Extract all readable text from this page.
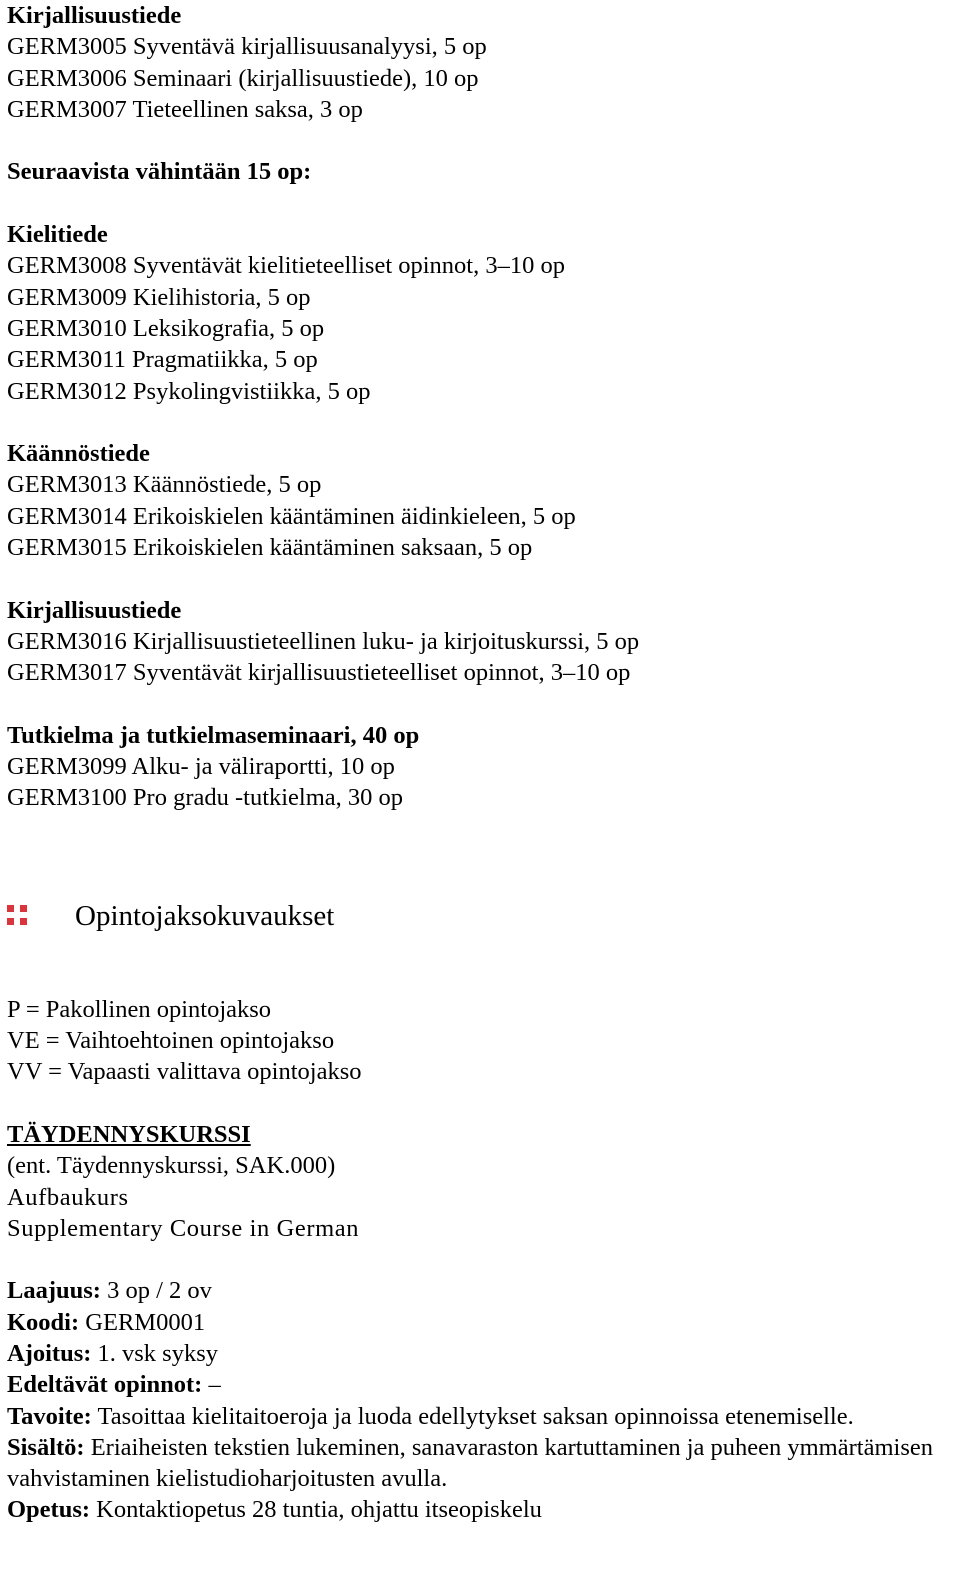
Kirjallisuustiede
GERM3005 Syventävä kirjallisuusanalyysi, 5 op
GERM3006 Seminaari (kirjallisuustiede), 10 op
GERM3007 Tieteellinen saksa, 3 op
Seuraavista vähintään 15 op:
Kielitiede
GERM3008 Syventävät kielitieteelliset opinnot, 3–10 op
GERM3009 Kielihistoria, 5 op
GERM3010 Leksikografia, 5 op
GERM3011 Pragmatiikka, 5 op
GERM3012 Psykolingvistiikka, 5 op
Käännöstiede
GERM3013 Käännöstiede, 5 op
GERM3014 Erikoiskielen kääntäminen äidinkieleen, 5 op
GERM3015 Erikoiskielen kääntäminen saksaan, 5 op
Kirjallisuustiede
GERM3016 Kirjallisuustieteellinen luku- ja kirjoituskurssi, 5 op
GERM3017 Syventävät kirjallisuustieteelliset opinnot, 3–10 op
Tutkielma ja tutkielmaseminaari, 40 op
GERM3099 Alku- ja väliraportti, 10 op
GERM3100 Pro gradu -tutkielma, 30 op
Opintojaksokuvaukset
P = Pakollinen opintojakso
VE = Vaihtoehtoinen opintojakso
VV = Vapaasti valittava opintojakso
TÄYDENNYSKURSSI
(ent. Täydennyskurssi, SAK.000)
Aufbaukurs
Supplementary Course in German
Laajuus: 3 op / 2 ov
Koodi: GERM0001
Ajoitus: 1. vsk syksy
Edeltävät opinnot: –
Tavoite: Tasoittaa kielitaitoeroja ja luoda edellytykset saksan opinnoissa etenemiselle.
Sisältö: Eriaiheisten tekstien lukeminen, sanavaraston kartuttaminen ja puheen ymmärtämisen vahvistaminen kielistudioharjoitusten avulla.
Opetus: Kontaktiopetus 28 tuntia, ohjattu itseopiskelu
